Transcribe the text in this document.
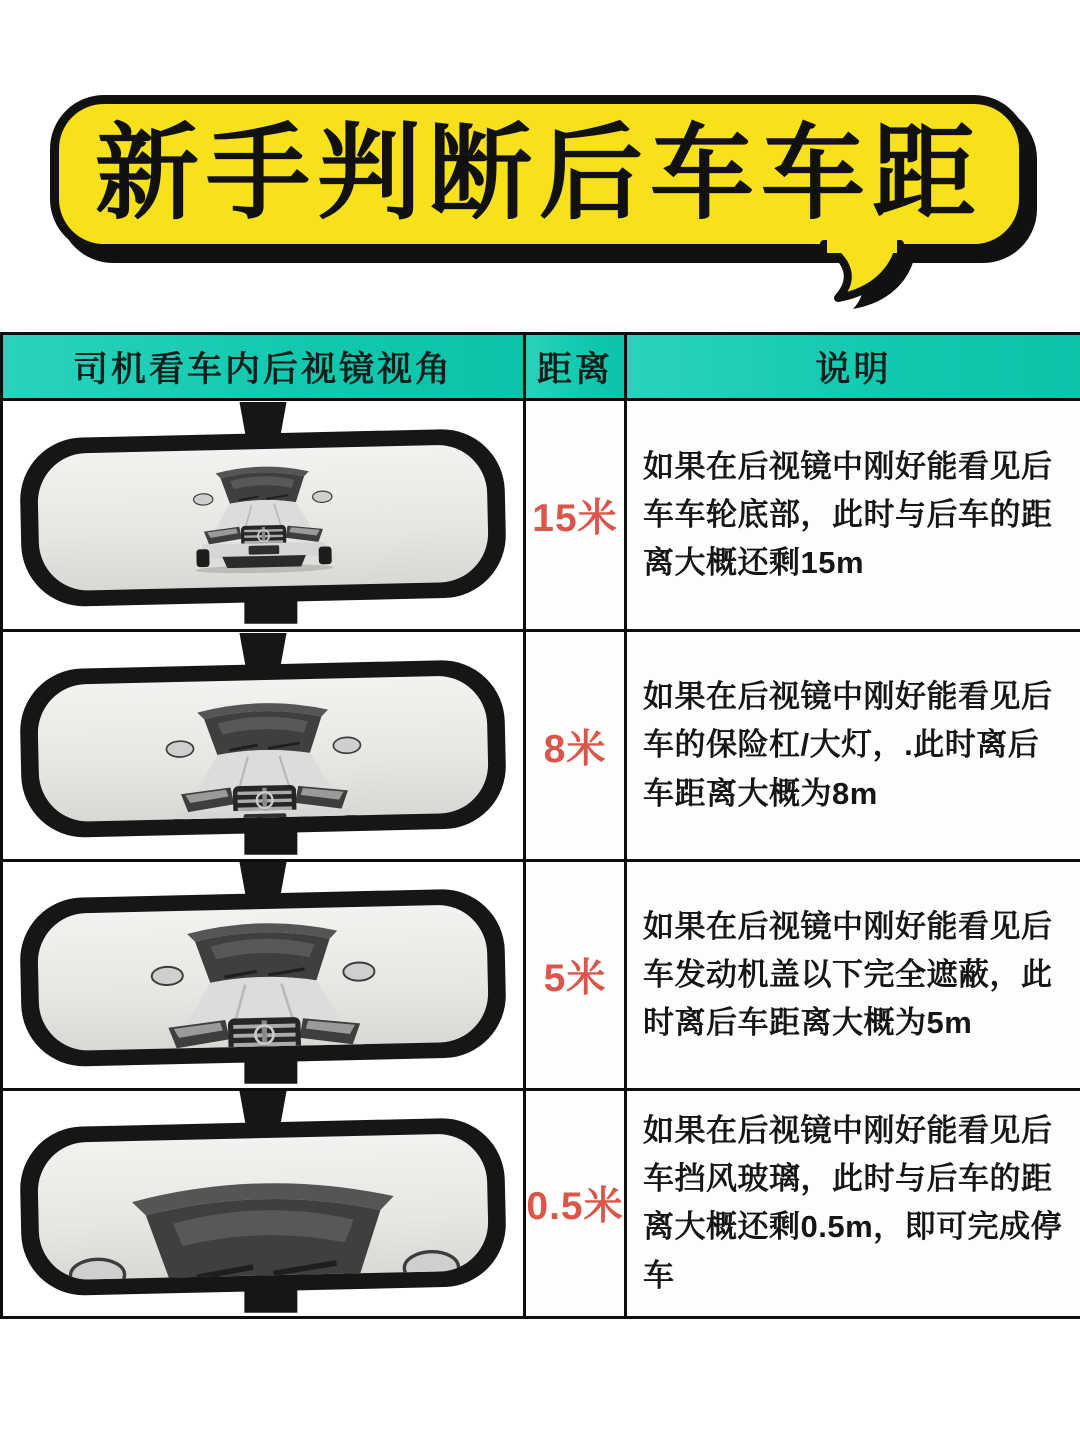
新手判断后车车距
司机看车内后视镜视角	距离	说明

	15米	如果在后视镜中刚好能看见后车车轮底部，此时与后车的距离大概还剩15m

	8米	如果在后视镜中刚好能看见后车的保险杠/大灯，.此时离后车距离大概为8m

	5米	如果在后视镜中刚好能看见后车发动机盖以下完全遮蔽，此时离后车距离大概为5m

	0.5米	如果在后视镜中刚好能看见后车挡风玻璃，此时与后车的距离大概还剩0.5m，即可完成停车
